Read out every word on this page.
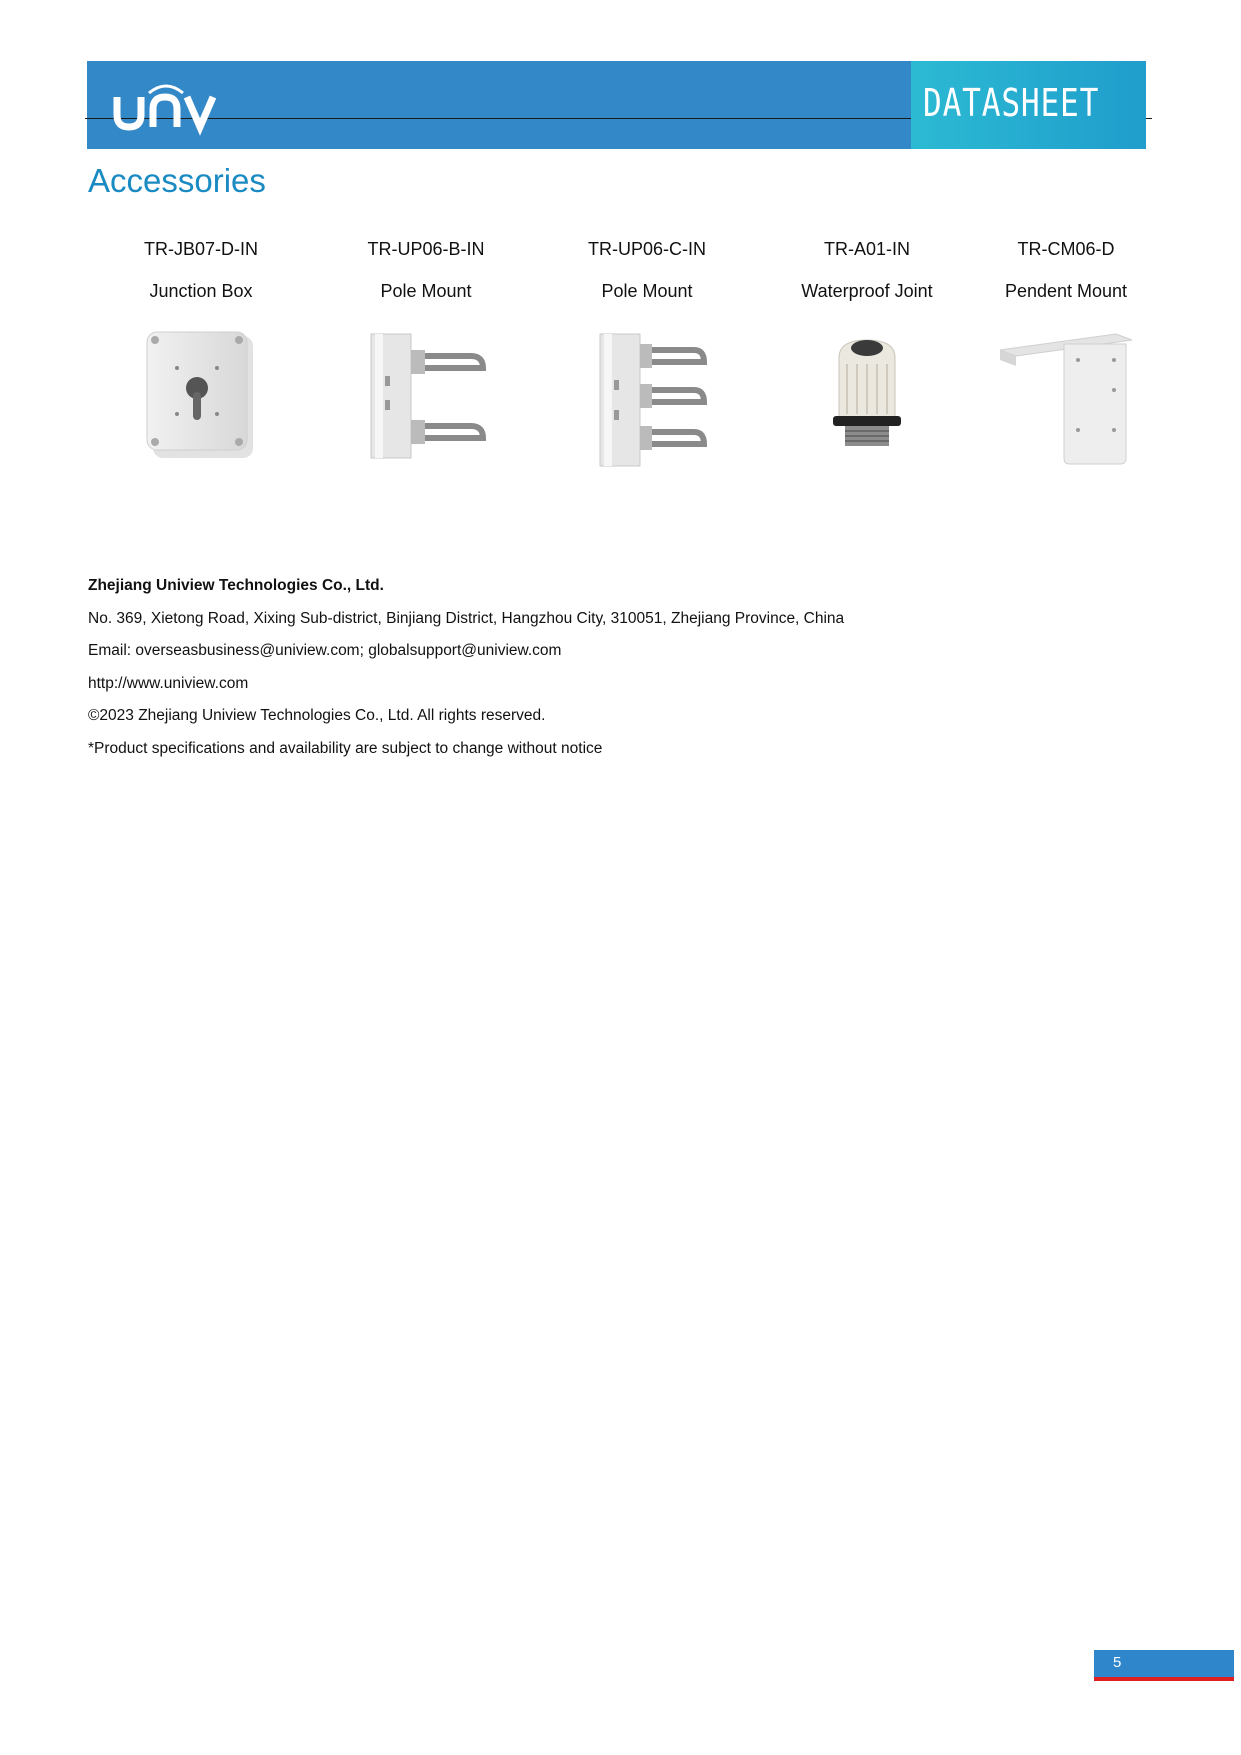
DATASHEET
Accessories
TR-JB07-D-IN
Junction Box
TR-UP06-B-IN
Pole Mount
TR-UP06-C-IN
Pole Mount
TR-A01-IN
Waterproof Joint
TR-CM06-D
Pendent Mount
Zhejiang Uniview Technologies Co., Ltd.
No. 369, Xietong Road, Xixing Sub-district, Binjiang District, Hangzhou City, 310051, Zhejiang Province, China
Email: overseasbusiness@uniview.com; globalsupport@uniview.com
http://www.uniview.com
©2023 Zhejiang Uniview Technologies Co., Ltd. All rights reserved.
*Product specifications and availability are subject to change without notice
5
